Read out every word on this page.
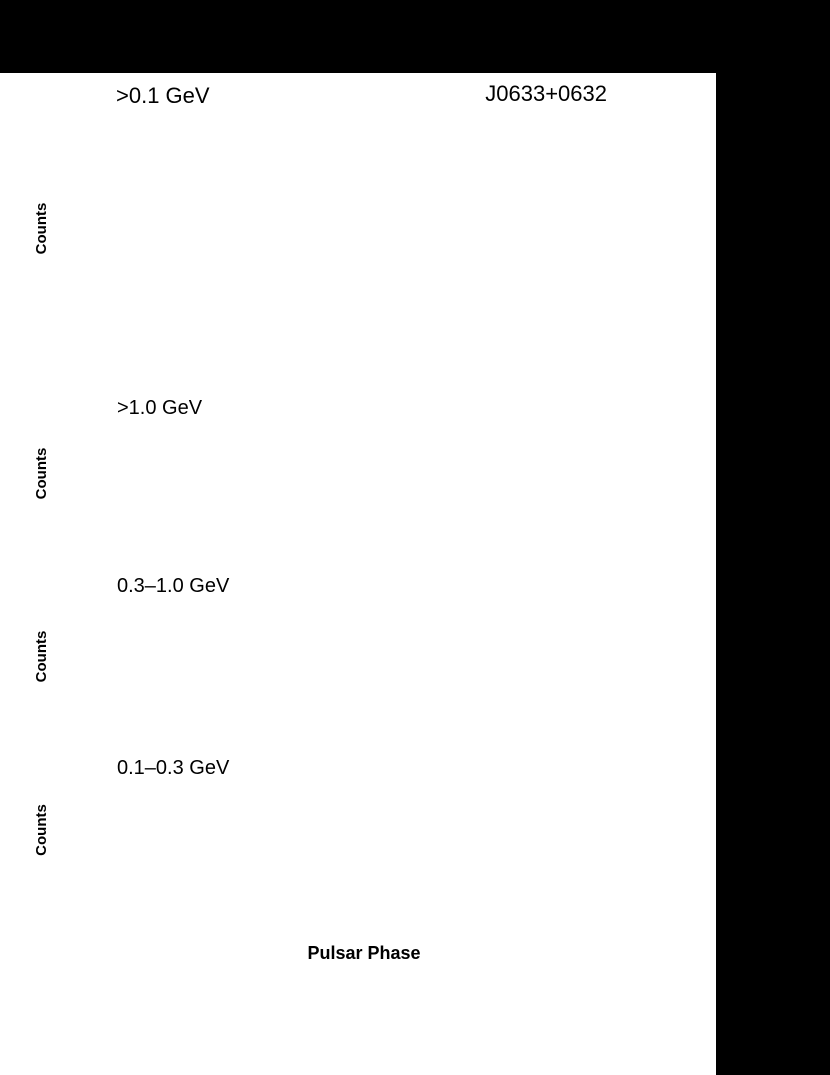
>0.1 GeV	J0633+0632
>1.0 GeV
0.3–1.0 GeV
0.1–0.3 GeV
Counts
Counts
Counts
Counts
Pulsar Phase
